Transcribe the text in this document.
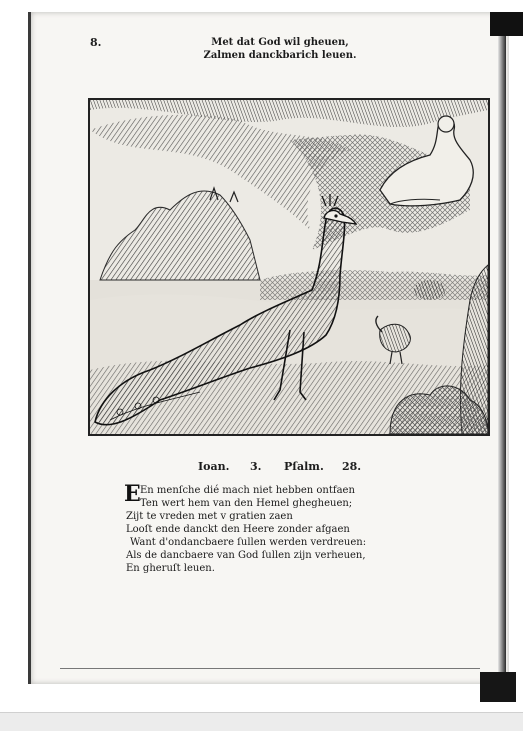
8.	Met dat God wil gheuen,
Zalmen danckbarich leuen.
Ioan. 3. Pſalm. 28.
E En menſche dié mach niet hebben ontfaen
Ten wert hem van den Hemel ghegheuen;
Zijt te vreden met v gratien zaen
Looſt ende danckt den Heere zonder afgaen
Want d'ondancbaere ſullen werden verdreuen:
Als de dancbaere van God ſullen zijn verheuen,
En gheruſt leuen.
